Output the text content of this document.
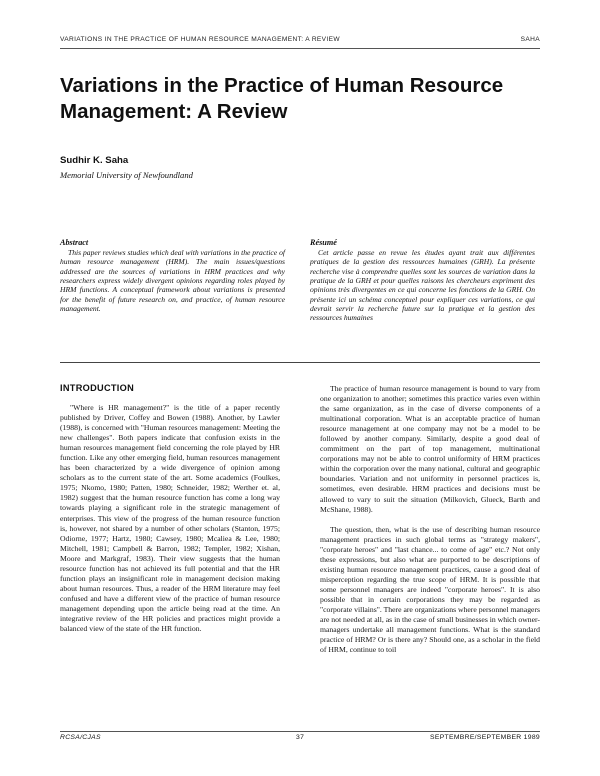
VARIATIONS IN THE PRACTICE OF HUMAN RESOURCE MANAGEMENT: A REVIEW	SAHA
Variations in the Practice of Human Resource Management: A Review
Sudhir K. Saha
Memorial University of Newfoundland

Abstract

This paper reviews studies which deal with variations in the practice of human resource management (HRM). The main issues/questions addressed are the sources of variations in HRM practices and why researchers express widely divergent opinions regarding roles played by HRM functions. A conceptual framework about variations is presented for the benefit of future research on, and practice, of human resource management.

Résumé

Cet article passe en revue les études ayant trait aux différentes pratiques de la gestion des ressources humaines (GRH). La présente recherche vise à comprendre quelles sont les sources de variation dans la pratique de la GRH et pour quelles raisons les chercheurs expriment des opinions très divergentes en ce qui concerne les fonctions de la GRH. On présente ici un schéma conceptuel pour expliquer ces variations, ce qui devrait servir la recherche future sur la pratique et la gestion des ressources humaines

INTRODUCTION

"Where is HR management?" is the title of a paper recently published by Driver, Coffey and Bowen (1988). Another, by Lawler (1988), is concerned with "Human resources management: Meeting the new challenges". Both papers indicate that confusion exists in the human resources management field concerning the role played by HR function. Like any other emerging field, human resources management has been characterized by a wide divergence of opinion among scholars as to the current state of the art. Some academics (Foulkes, 1975; Nkomo, 1980; Patten, 1980; Schneider, 1982; Werther et. al, 1982) suggest that the human resource function has come a long way towards playing a significant role in the strategic management of enterprises. This view of the progress of the human resource function is, however, not shared by a number of other scholars (Stanton, 1975; Odiorne, 1977; Hartz, 1980; Cawsey, 1980; Mcaliea & Lee, 1980; Mitchell, 1981; Campbell & Barron, 1982; Templer, 1982; Xishan, Moore and Markgraf, 1983). Their view suggests that the human resource function has not achieved its full potential and that the HR function plays an insignificant role in management decision making about human resources. Thus, a reader of the HRM literature may feel confused and have a different view of the practice of human resource management depending upon the article being read at the time. An integrative review of the HR policies and practices might provide a balanced view of the state of the HR function.

The practice of human resource management is bound to vary from one organization to another; sometimes this practice varies even within the same organization, as in the case of diverse components of a multinational corporation. What is an acceptable practice of human resource management at one company may not be a model to be followed by another company. Similarly, despite a good deal of commitment on the part of top management, multinational corporations may not be able to control uniformity of HRM practices within the corporation over the many national, cultural and geographic boundaries. Variation and not uniformity in personnel practices is, sometimes, even desirable. HRM practices and decisions must be allowed to vary to suit the situation (Milkovich, Glueck, Barth and McShane, 1988).

The question, then, what is the use of describing human resource management practices in such global terms as "strategy makers", "corporate heroes" and "last chance... to come of age" etc.? Not only these expressions, but also what are purported to be descriptions of existing human resource management practices, cause a good deal of misperception regarding the true scope of HRM. It is possible that some personnel managers are indeed "corporate heroes". It is also possible that in certain corporations they may be regarded as "corporate villains". There are organizations where personnel managers are not needed at all, as in the case of small businesses in which owner-managers undertake all management functions. What is the standard practice of HRM? Or is there any? Should one, as a scholar in the field of HRM, continue to toil

RCSA/CJAS	37	SEPTEMBRE/SEPTEMBER 1989
